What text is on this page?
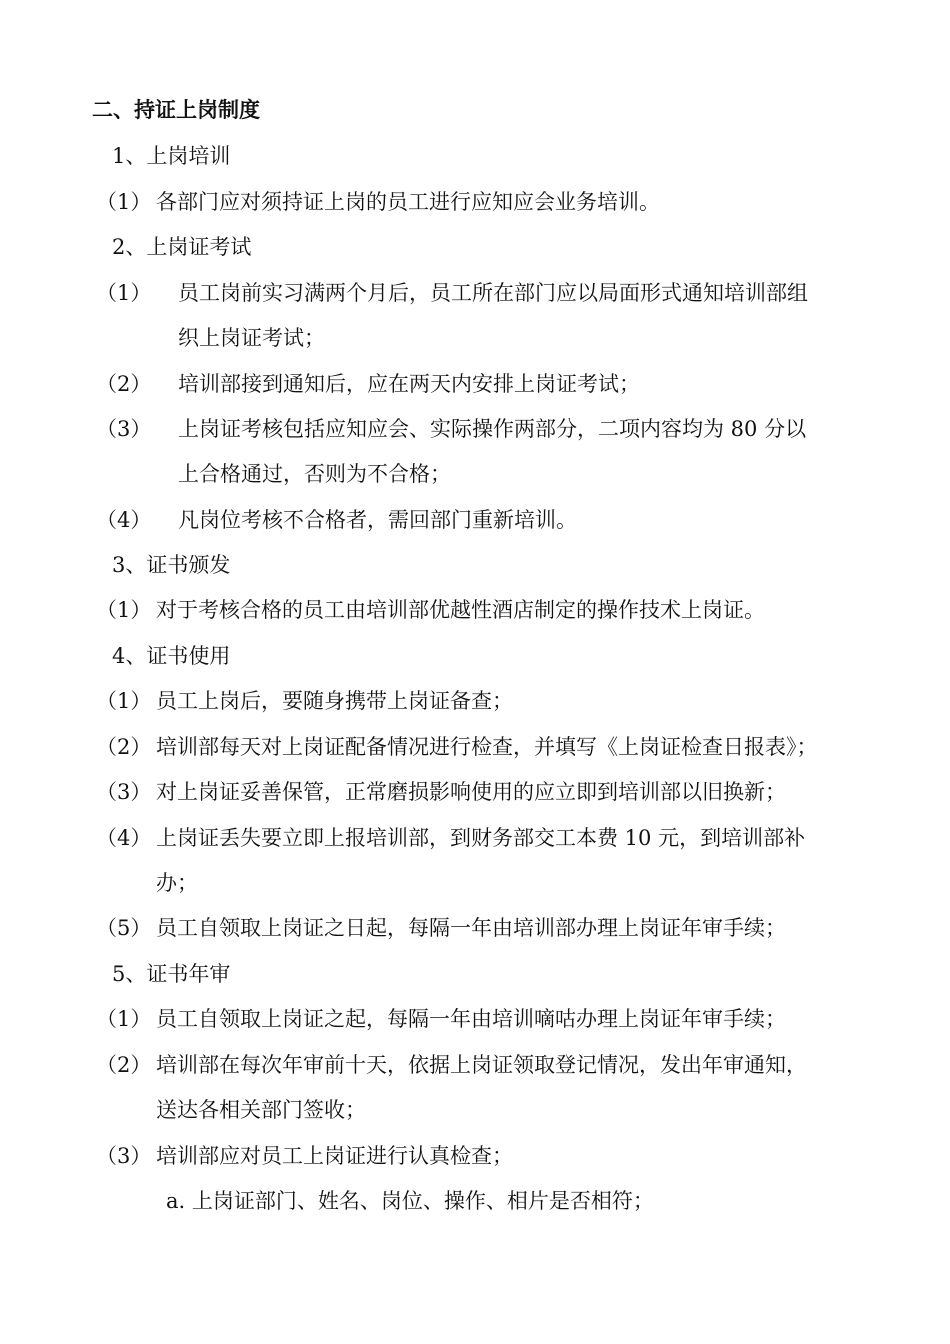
二、持证上岗制度
1、上岗培训
（1） 各部门应对须持证上岗的员工进行应知应会业务培训。
2、上岗证考试
（1） 员工岗前实习满两个月后，员工所在部门应以局面形式通知培训部组
织上岗证考试；
（2） 培训部接到通知后，应在两天内安排上岗证考试；
（3） 上岗证考核包括应知应会、实际操作两部分，二项内容均为 80 分以
上合格通过，否则为不合格；
（4） 凡岗位考核不合格者，需回部门重新培训。
3、证书颁发
（1） 对于考核合格的员工由培训部优越性酒店制定的操作技术上岗证。
4、证书使用
（1） 员工上岗后，要随身携带上岗证备查；
（2） 培训部每天对上岗证配备情况进行检查，并填写《上岗证检查日报表》；
（3） 对上岗证妥善保管，正常磨损影响使用的应立即到培训部以旧换新；
（4） 上岗证丢失要立即上报培训部，到财务部交工本费 10 元，到培训部补
办；
（5） 员工自领取上岗证之日起，每隔一年由培训部办理上岗证年审手续；
5、证书年审
（1） 员工自领取上岗证之起，每隔一年由培训嘀咕办理上岗证年审手续；
（2） 培训部在每次年审前十天，依据上岗证领取登记情况，发出年审通知，
送达各相关部门签收；
（3） 培训部应对员工上岗证进行认真检查；
a. 上岗证部门、姓名、岗位、操作、相片是否相符；
